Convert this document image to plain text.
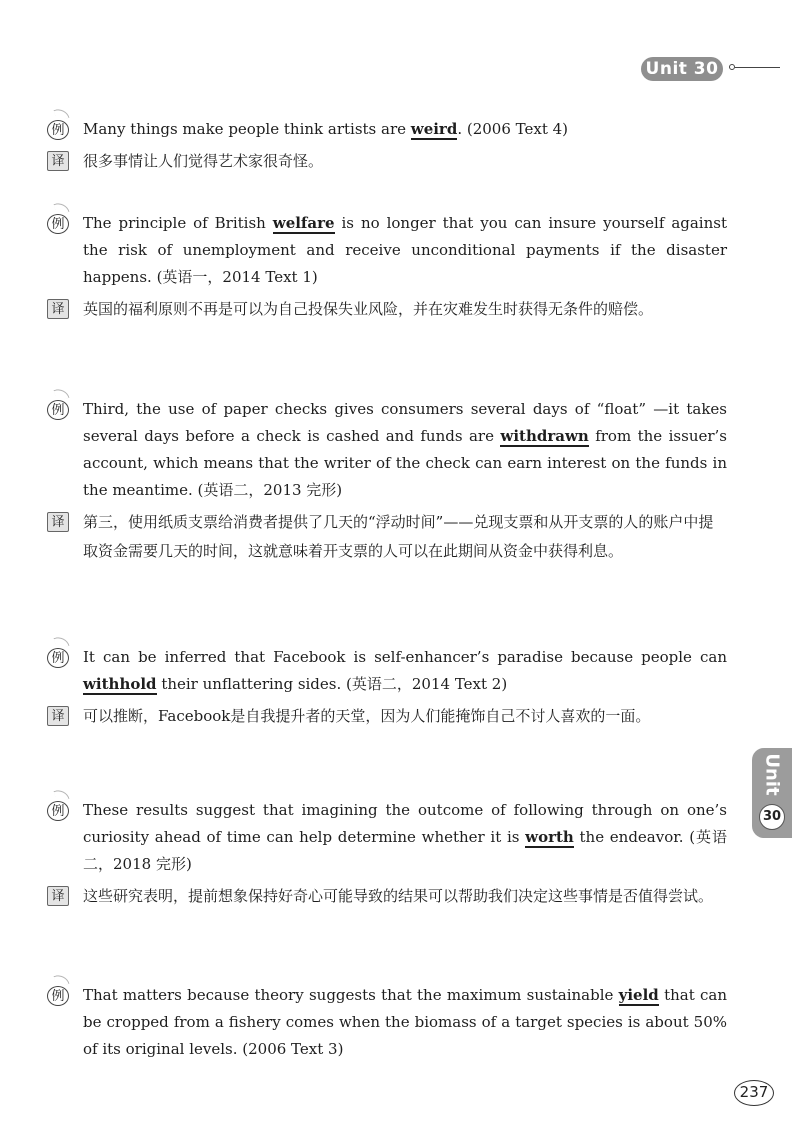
Unit 30
Unit
30
例	Many things make people think artists are weird. (2006 Text 4)
译	很多事情让人们觉得艺术家很奇怪。
例	The principle of British welfare is no longer that you can insure yourself against the risk of unemployment and receive unconditional payments if the disaster happens. (英语一，2014 Text 1)
译	英国的福利原则不再是可以为自己投保失业风险，并在灾难发生时获得无条件的赔偿。
例	Third, the use of paper checks gives consumers several days of “float” —it takes several days before a check is cashed and funds are withdrawn from the issuer’s account, which means that the writer of the check can earn interest on the funds in the meantime. (英语二，2013 完形)
译	第三，使用纸质支票给消费者提供了几天的“浮动时间”——兑现支票和从开支票的人的账户中提取资金需要几天的时间，这就意味着开支票的人可以在此期间从资金中获得利息。
例	It can be inferred that Facebook is self-enhancer’s paradise because people can withhold their unflattering sides. (英语二，2014 Text 2)
译	可以推断，Facebook是自我提升者的天堂，因为人们能掩饰自己不讨人喜欢的一面。
例	These results suggest that imagining the outcome of following through on one’s curiosity ahead of time can help determine whether it is worth the endeavor. (英语二，2018 完形)
译	这些研究表明，提前想象保持好奇心可能导致的结果可以帮助我们决定这些事情是否值得尝试。
例	That matters because theory suggests that the maximum sustainable yield that can be cropped from a fishery comes when the biomass of a target species is about 50% of its original levels. (2006 Text 3)
237
